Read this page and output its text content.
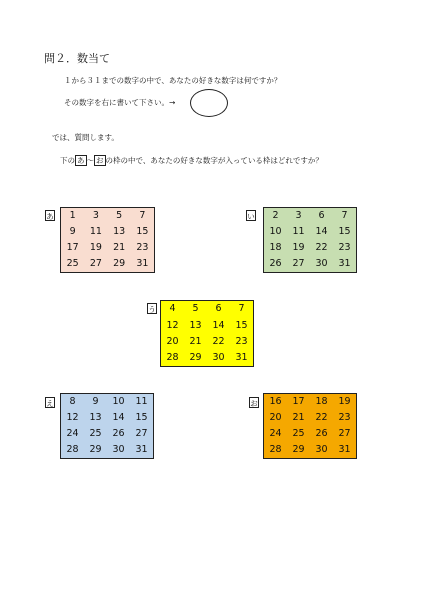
問２．数当て
１から３１までの数字の中で、あなたの好きな数字は何ですか？
その数字を右に書いて下さい。→
では、質問します。
下の あ ～ お の枠の中で、あなたの好きな数字が入っている枠はどれですか？
あ	1	3	5	7
9	11	13	15
17	19	21	23
25	27	29	31
い	2	3	6	7
10	11	14	15
18	19	22	23
26	27	30	31
う	4	5	6	7
12	13	14	15
20	21	22	23
28	29	30	31
え	8	9	10	11
12	13	14	15
24	25	26	27
28	29	30	31
お	16	17	18	19
20	21	22	23
24	25	26	27
28	29	30	31
